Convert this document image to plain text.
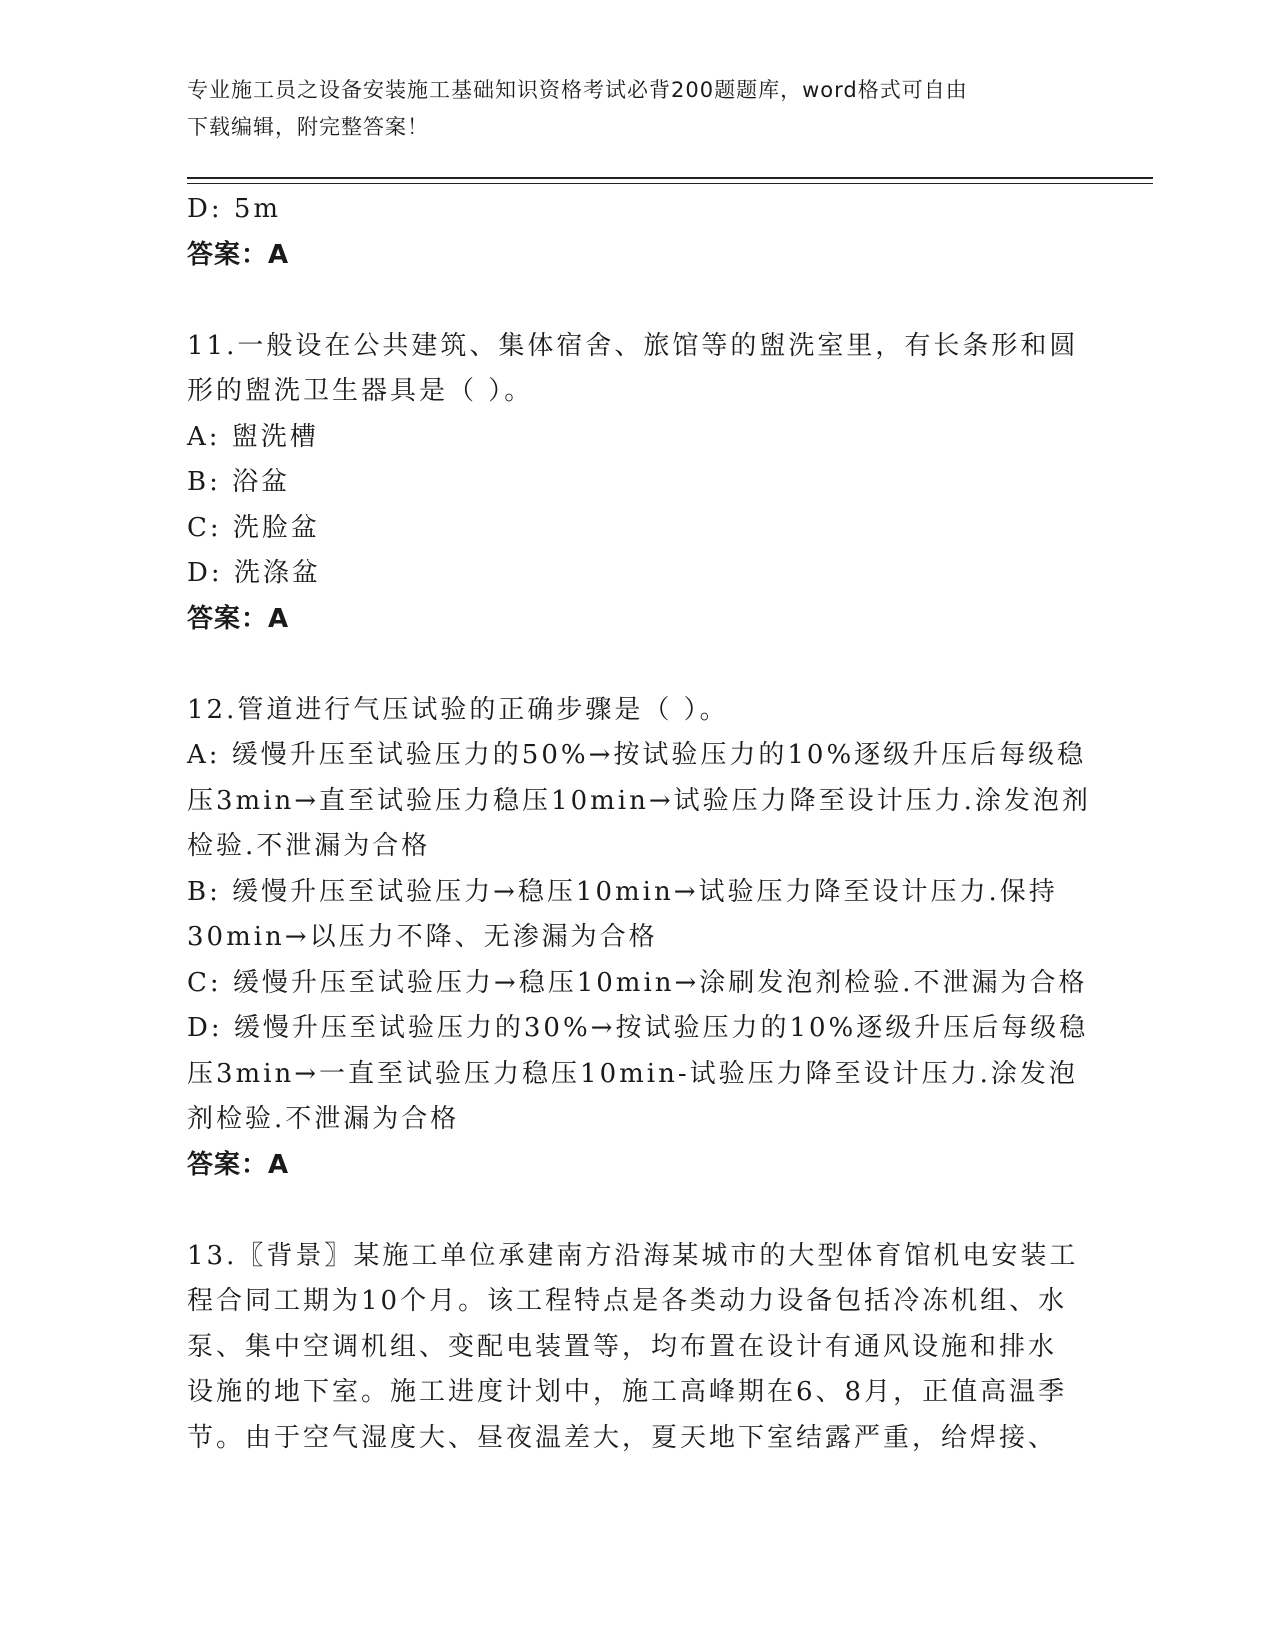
专业施工员之设备安装施工基础知识资格考试必背200题题库，word格式可自由
下载编辑，附完整答案！
D: 5m
答案：A
11.一般设在公共建筑、集体宿舍、旅馆等的盥洗室里，有长条形和圆
形的盥洗卫生器具是（ ）。
A: 盥洗槽
B: 浴盆
C: 洗脸盆
D: 洗涤盆
答案：A
12.管道进行气压试验的正确步骤是（ ）。
A: 缓慢升压至试验压力的50%→按试验压力的10%逐级升压后每级稳
压3min→直至试验压力稳压10min→试验压力降至设计压力.涂发泡剂
检验.不泄漏为合格
B: 缓慢升压至试验压力→稳压10min→试验压力降至设计压力.保持
30min→以压力不降、无渗漏为合格
C: 缓慢升压至试验压力→稳压10min→涂刷发泡剂检验.不泄漏为合格
D: 缓慢升压至试验压力的30%→按试验压力的10%逐级升压后每级稳
压3min→一直至试验压力稳压10min-试验压力降至设计压力.涂发泡
剂检验.不泄漏为合格
答案：A
13.〖背景〗某施工单位承建南方沿海某城市的大型体育馆机电安装工
程合同工期为10个月。该工程特点是各类动力设备包括冷冻机组、水
泵、集中空调机组、变配电装置等，均布置在设计有通风设施和排水
设施的地下室。施工进度计划中，施工高峰期在6、8月，正值高温季
节。由于空气湿度大、昼夜温差大，夏天地下室结露严重，给焊接、
